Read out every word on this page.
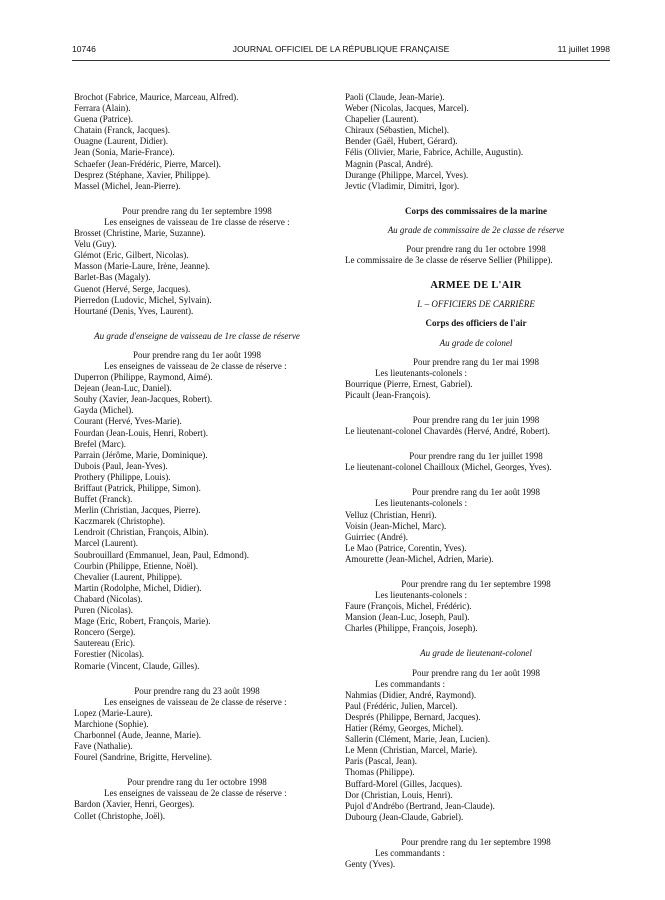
10746	JOURNAL OFFICIEL DE LA RÉPUBLIQUE FRANÇAISE	11 juillet 1998
Brochot (Fabrice, Maurice, Marceau, Alfred).
Ferrara (Alain).
Guena (Patrice).
Chatain (Franck, Jacques).
Ouagne (Laurent, Didier).
Jean (Sonia, Marie-France).
Schaefer (Jean-Frédéric, Pierre, Marcel).
Desprez (Stéphane, Xavier, Philippe).
Massel (Michel, Jean-Pierre).
Pour prendre rang du 1er septembre 1998
Les enseignes de vaisseau de 1re classe de réserve :
Brosset (Christine, Marie, Suzanne).
Velu (Guy).
Glémot (Eric, Gilbert, Nicolas).
Masson (Marie-Laure, Irène, Jeanne).
Barlet-Bas (Magaly).
Guenot (Hervé, Serge, Jacques).
Pierredon (Ludovic, Michel, Sylvain).
Hourtané (Denis, Yves, Laurent).
Au grade d'enseigne de vaisseau de 1re classe de réserve
Pour prendre rang du 1er août 1998
Les enseignes de vaisseau de 2e classe de réserve :
Duperron (Philippe, Raymond, Aimé).
Dejean (Jean-Luc, Daniel).
Souhy (Xavier, Jean-Jacques, Robert).
Gayda (Michel).
Courant (Hervé, Yves-Marie).
Fourdan (Jean-Louis, Henri, Robert).
Brefel (Marc).
Parrain (Jérôme, Marie, Dominique).
Dubois (Paul, Jean-Yves).
Prothery (Philippe, Louis).
Briffaut (Patrick, Philippe, Simon).
Buffet (Franck).
Merlin (Christian, Jacques, Pierre).
Kaczmarek (Christophe).
Lendroit (Christian, François, Albin).
Marcel (Laurent).
Soubrouillard (Emmanuel, Jean, Paul, Edmond).
Courbin (Philippe, Etienne, Noël).
Chevalier (Laurent, Philippe).
Martin (Rodolphe, Michel, Didier).
Chabard (Nicolas).
Puren (Nicolas).
Mage (Eric, Robert, François, Marie).
Roncero (Serge).
Sautereau (Eric).
Forestier (Nicolas).
Romarie (Vincent, Claude, Gilles).
Pour prendre rang du 23 août 1998
Les enseignes de vaisseau de 2e classe de réserve :
Lopez (Marie-Laure).
Marchione (Sophie).
Charbonnel (Aude, Jeanne, Marie).
Fave (Nathalie).
Fourel (Sandrine, Brigitte, Herveline).
Pour prendre rang du 1er octobre 1998
Les enseignes de vaisseau de 2e classe de réserve :
Bardon (Xavier, Henri, Georges).
Collet (Christophe, Joël).
Paoli (Claude, Jean-Marie).
Weber (Nicolas, Jacques, Marcel).
Chapelier (Laurent).
Chiraux (Sébastien, Michel).
Bender (Gaël, Hubert, Gérard).
Félis (Olivier, Marie, Fabrice, Achille, Augustin).
Magnin (Pascal, André).
Durange (Philippe, Marcel, Yves).
Jevtic (Vladimir, Dimitri, Igor).
Corps des commissaires de la marine
Au grade de commissaire de 2e classe de réserve
Pour prendre rang du 1er octobre 1998
Le commissaire de 3e classe de réserve Sellier (Philippe).
ARMÉE DE L'AIR
I. – OFFICIERS DE CARRIÈRE
Corps des officiers de l'air
Au grade de colonel
Pour prendre rang du 1er mai 1998
Les lieutenants-colonels :
Bourrique (Pierre, Ernest, Gabriel).
Picault (Jean-François).
Pour prendre rang du 1er juin 1998
Le lieutenant-colonel Chavardès (Hervé, André, Robert).
Pour prendre rang du 1er juillet 1998
Le lieutenant-colonel Chailloux (Michel, Georges, Yves).
Pour prendre rang du 1er août 1998
Les lieutenants-colonels :
Velluz (Christian, Henri).
Voisin (Jean-Michel, Marc).
Guirriec (André).
Le Mao (Patrice, Corentin, Yves).
Amourette (Jean-Michel, Adrien, Marie).
Pour prendre rang du 1er septembre 1998
Les lieutenants-colonels :
Faure (François, Michel, Frédéric).
Mansion (Jean-Luc, Joseph, Paul).
Charles (Philippe, François, Joseph).
Au grade de lieutenant-colonel
Pour prendre rang du 1er août 1998
Les commandants :
Nahmias (Didier, André, Raymond).
Paul (Frédéric, Julien, Marcel).
Després (Philippe, Bernard, Jacques).
Hatier (Rémy, Georges, Michel).
Sallerin (Clément, Marie, Jean, Lucien).
Le Menn (Christian, Marcel, Marie).
Paris (Pascal, Jean).
Thomas (Philippe).
Buffard-Morel (Gilles, Jacques).
Dor (Christian, Louis, Henri).
Pujol d'Andrébo (Bertrand, Jean-Claude).
Dubourg (Jean-Claude, Gabriel).
Pour prendre rang du 1er septembre 1998
Les commandants :
Genty (Yves).
